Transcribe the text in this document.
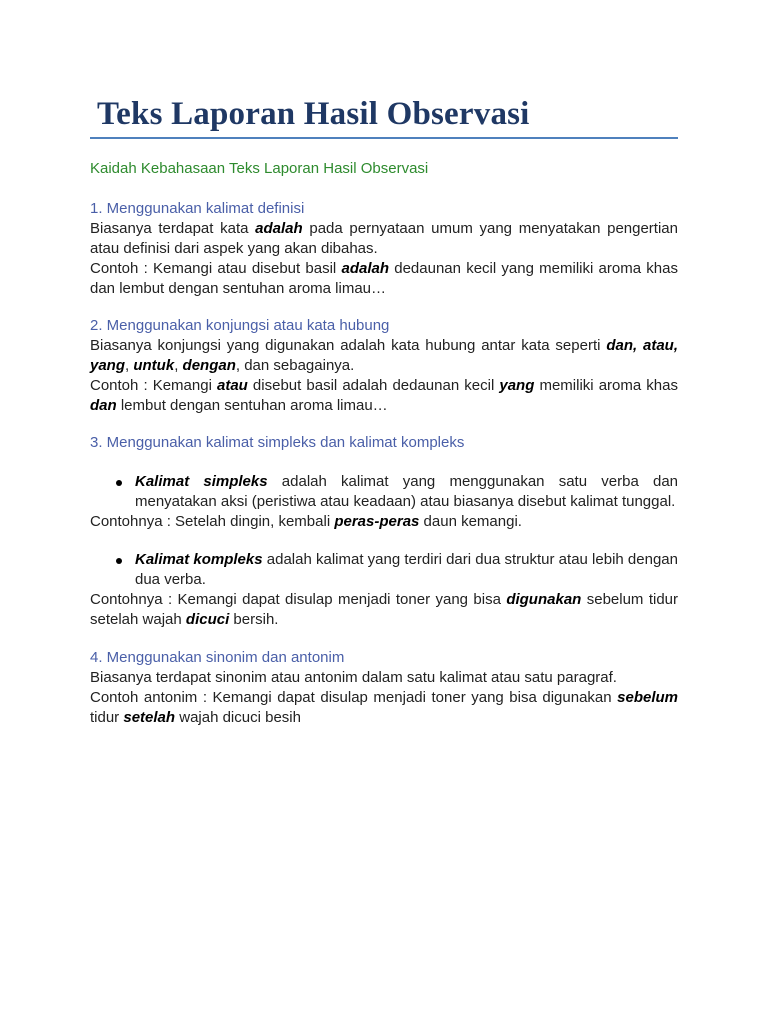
Teks Laporan Hasil Observasi
Kaidah Kebahasaan Teks Laporan Hasil Observasi
1. Menggunakan kalimat definisi

Biasanya terdapat kata adalah pada pernyataan umum yang menyatakan pengertian atau definisi dari aspek yang akan dibahas.

Contoh : Kemangi atau disebut basil adalah dedaunan kecil yang memiliki aroma khas dan lembut dengan sentuhan aroma limau…

2. Menggunakan konjungsi atau kata hubung

Biasanya konjungsi yang digunakan adalah kata hubung antar kata seperti dan, atau, yang, untuk, dengan, dan sebagainya.

Contoh : Kemangi atau disebut basil adalah dedaunan kecil yang memiliki aroma khas dan lembut dengan sentuhan aroma limau…

3. Menggunakan kalimat simpleks dan kalimat kompleks

Kalimat simpleks adalah kalimat yang menggunakan satu verba dan menyatakan aksi (peristiwa atau keadaan) atau biasanya disebut kalimat tunggal.

Contohnya : Setelah dingin, kembali peras-peras daun kemangi.

Kalimat kompleks adalah kalimat yang terdiri dari dua struktur atau lebih dengan dua verba.

Contohnya : Kemangi dapat disulap menjadi toner yang bisa digunakan sebelum tidur setelah wajah dicuci bersih.

4. Menggunakan sinonim dan antonim

Biasanya terdapat sinonim atau antonim dalam satu kalimat atau satu paragraf.

Contoh antonim : Kemangi dapat disulap menjadi toner yang bisa digunakan sebelum tidur setelah wajah dicuci besih
